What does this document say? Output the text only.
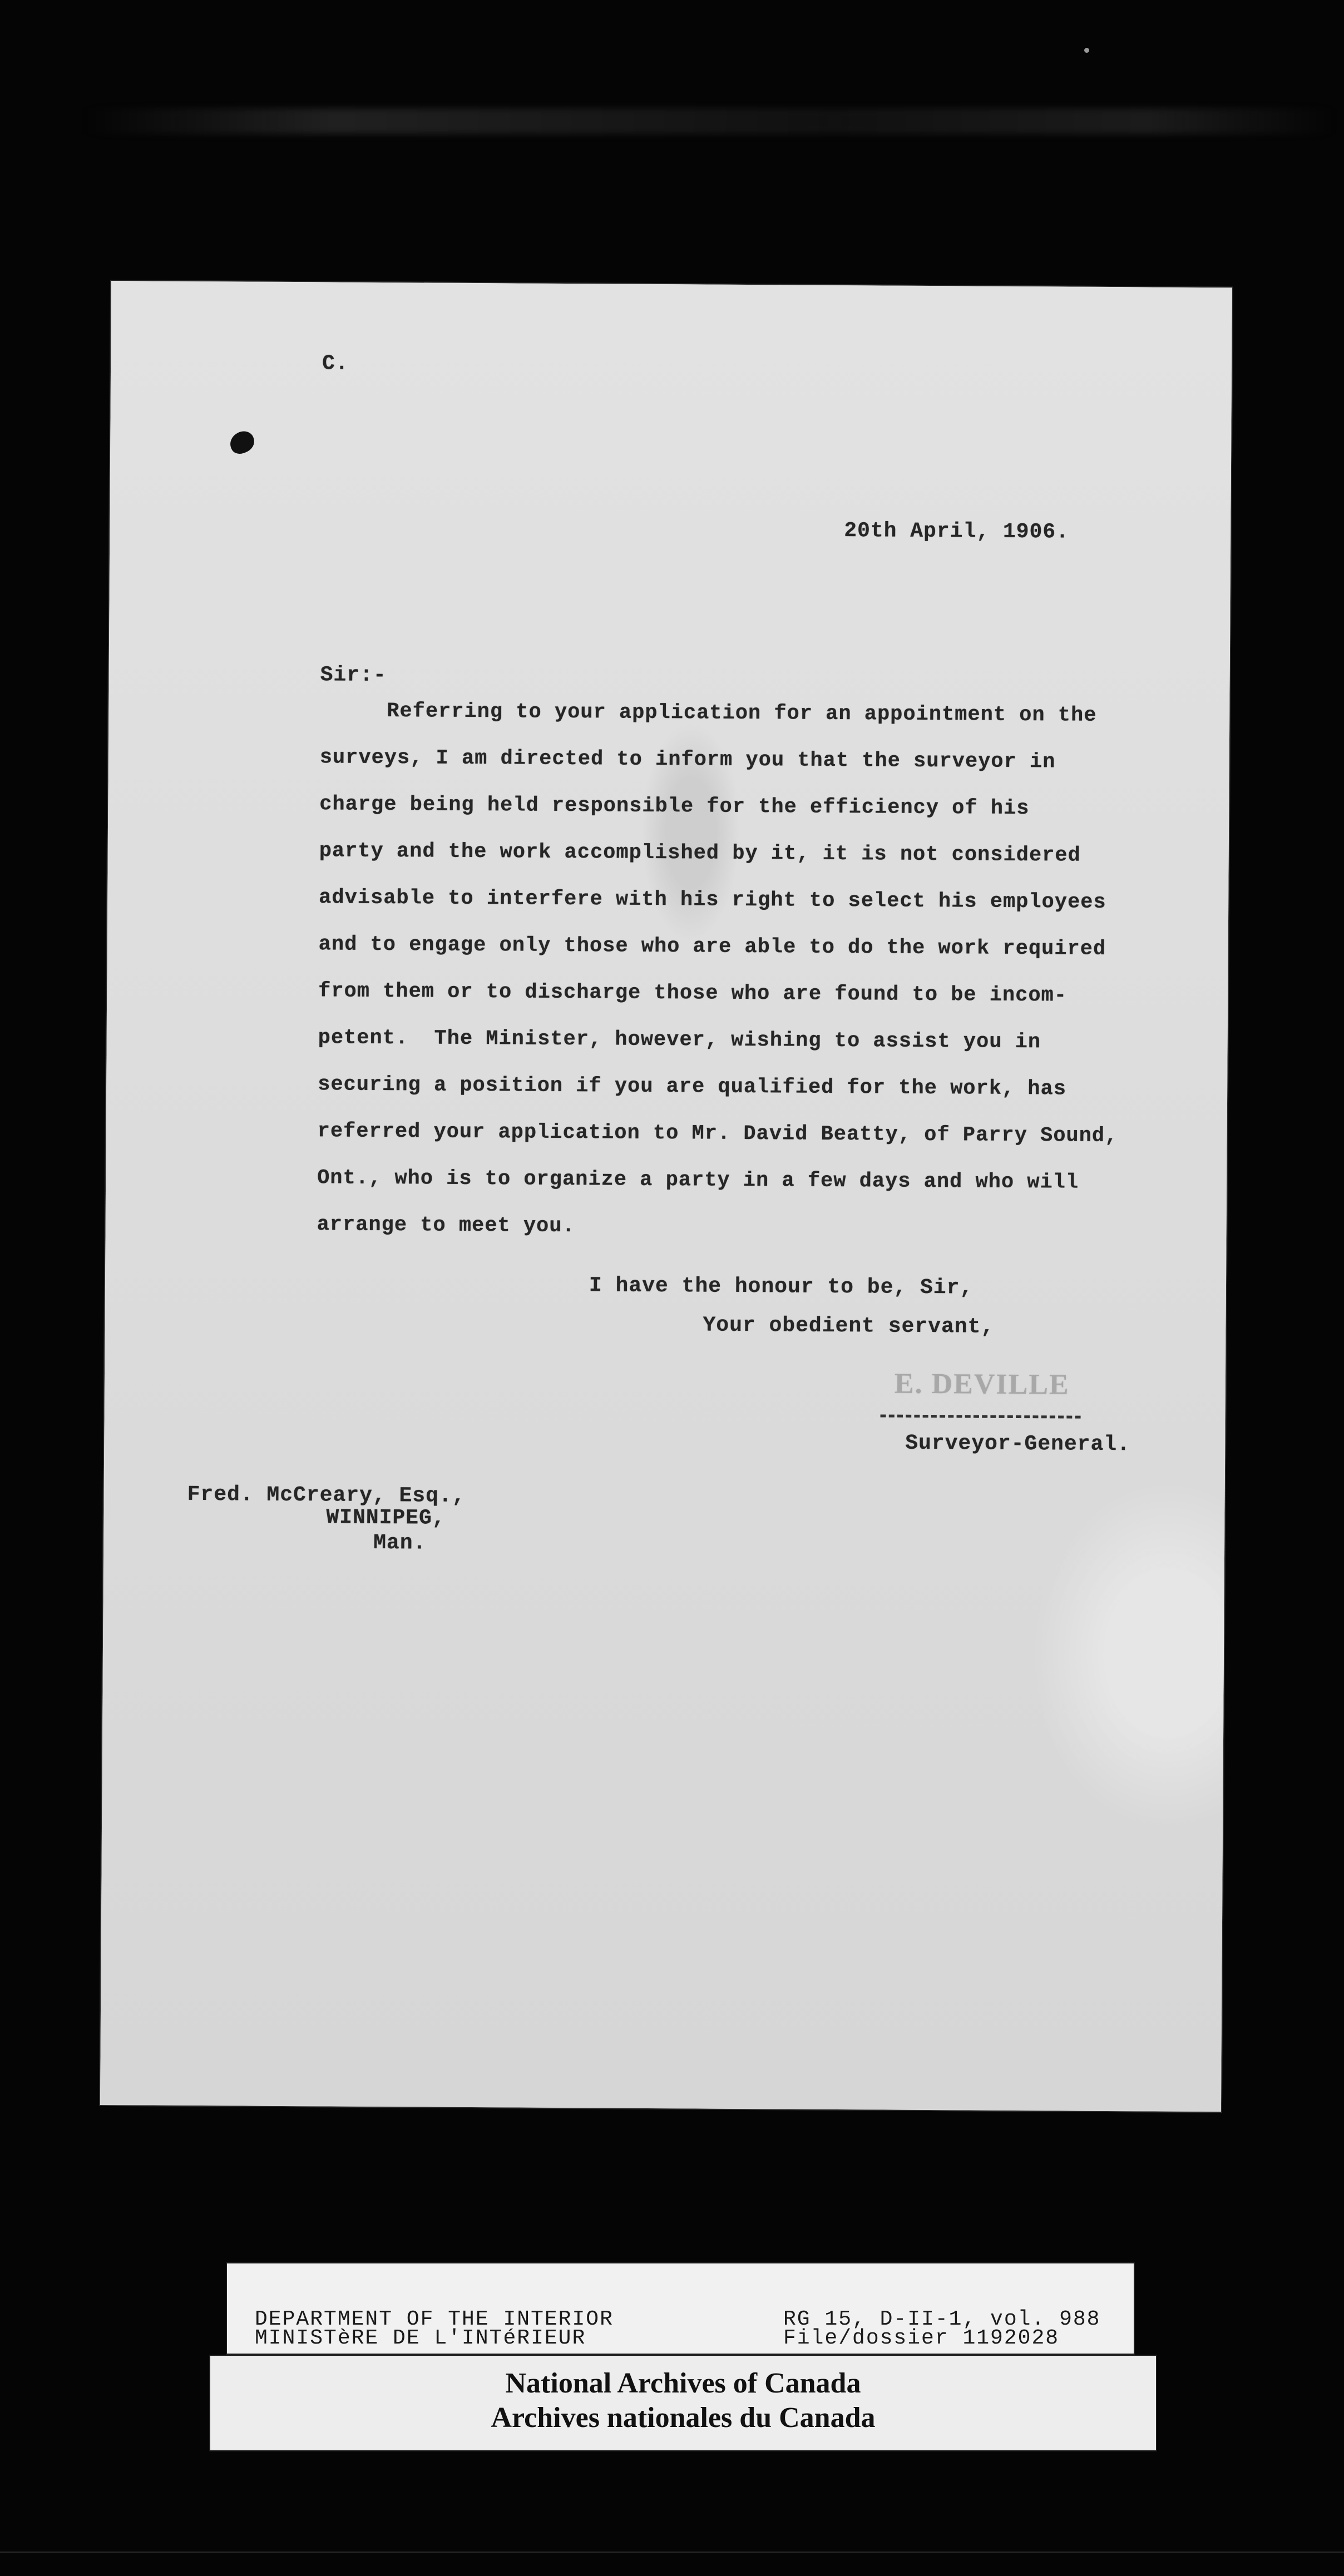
C.
20th April, 1906.
Sir:-
Referring to your application for an appointment on the
surveys, I am directed to inform you that the surveyor in
charge being held responsible for the efficiency of his
party and the work accomplished by it, it is not considered
advisable to interfere with his right to select his employees
and to engage only those who are able to do the work required
from them or to discharge those who are found to be incom-
petent.  The Minister, however, wishing to assist you in
securing a position if you are qualified for the work, has
referred your application to Mr. David Beatty, of Parry Sound,
Ont., who is to organize a party in a few days and who will
arrange to meet you.
I have the honour to be, Sir,
Your obedient servant,
E. DEVILLE
Surveyor-General.
Fred. McCreary, Esq.,
WINNIPEG,
Man.
DEPARTMENT OF THE INTERIOR
MINISTèRE DE L'INTéRIEUR
RG 15, D-II-1, vol. 988
File/dossier 1192028
National Archives of Canada
Archives nationales du Canada
